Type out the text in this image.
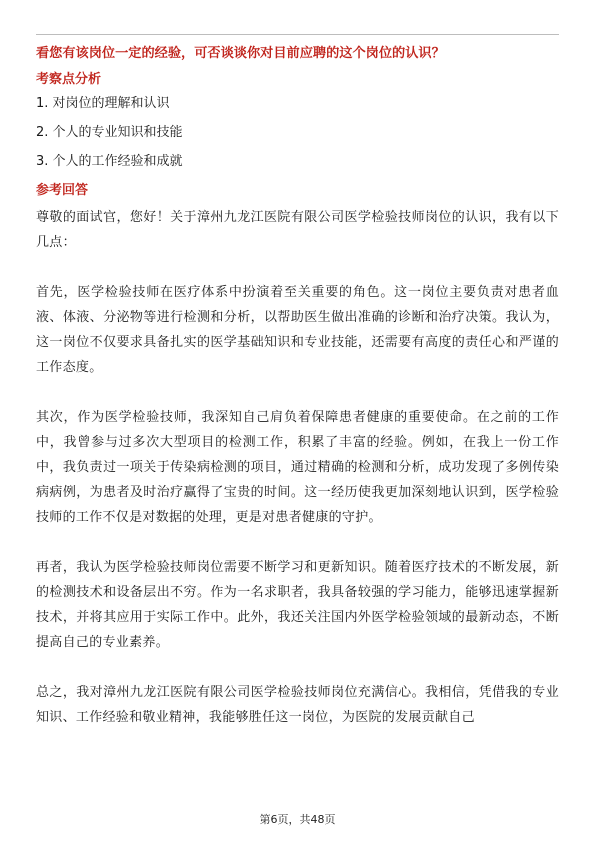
看您有该岗位一定的经验，可否谈谈你对目前应聘的这个岗位的认识？
考察点分析
1. 对岗位的理解和认识
2. 个人的专业知识和技能
3. 个人的工作经验和成就
参考回答

尊敬的面试官，您好！关于漳州九龙江医院有限公司医学检验技师岗位的认识，我有以下几点：

首先，医学检验技师在医疗体系中扮演着至关重要的角色。这一岗位主要负责对患者血液、体液、分泌物等进行检测和分析，以帮助医生做出准确的诊断和治疗决策。我认为，这一岗位不仅要求具备扎实的医学基础知识和专业技能，还需要有高度的责任心和严谨的工作态度。

其次，作为医学检验技师，我深知自己肩负着保障患者健康的重要使命。在之前的工作中，我曾参与过多次大型项目的检测工作，积累了丰富的经验。例如，在我上一份工作中，我负责过一项关于传染病检测的项目，通过精确的检测和分析，成功发现了多例传染病病例，为患者及时治疗赢得了宝贵的时间。这一经历使我更加深刻地认识到，医学检验技师的工作不仅是对数据的处理，更是对患者健康的守护。

再者，我认为医学检验技师岗位需要不断学习和更新知识。随着医疗技术的不断发展，新的检测技术和设备层出不穷。作为一名求职者，我具备较强的学习能力，能够迅速掌握新技术，并将其应用于实际工作中。此外，我还关注国内外医学检验领域的最新动态，不断提高自己的专业素养。

总之，我对漳州九龙江医院有限公司医学检验技师岗位充满信心。我相信，凭借我的专业知识、工作经验和敬业精神，我能够胜任这一岗位，为医院的发展贡献自己

第6页，共48页
